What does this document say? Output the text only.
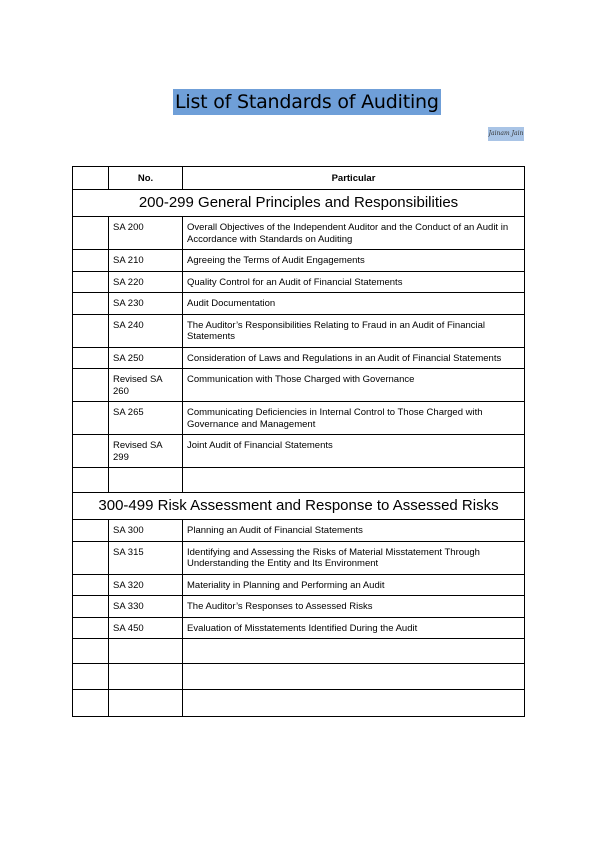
List of Standards of Auditing
Jainam Jain
	No.	Particular
200-299 General Principles and Responsibilities		
	SA 200	Overall Objectives of the Independent Auditor and the Conduct of an Audit in Accordance with Standards on Auditing
	SA 210	Agreeing the Terms of Audit Engagements
	SA 220	Quality Control for an Audit of Financial Statements
	SA 230	Audit Documentation
	SA 240	The Auditor’s Responsibilities Relating to Fraud in an Audit of Financial Statements
	SA 250	Consideration of Laws and Regulations in an Audit of Financial Statements
	Revised SA 260	Communication with Those Charged with Governance
	SA 265	Communicating Deficiencies in Internal Control to Those Charged with Governance and Management
	Revised SA 299	Joint Audit of Financial Statements

300-499 Risk Assessment and Response to Assessed Risks		
	SA 300	Planning an Audit of Financial Statements
	SA 315	Identifying and Assessing the Risks of Material Misstatement Through Understanding the Entity and Its Environment
	SA 320	Materiality in Planning and Performing an Audit
	SA 330	The Auditor’s Responses to Assessed Risks
	SA 450	Evaluation of Misstatements Identified During the Audit
